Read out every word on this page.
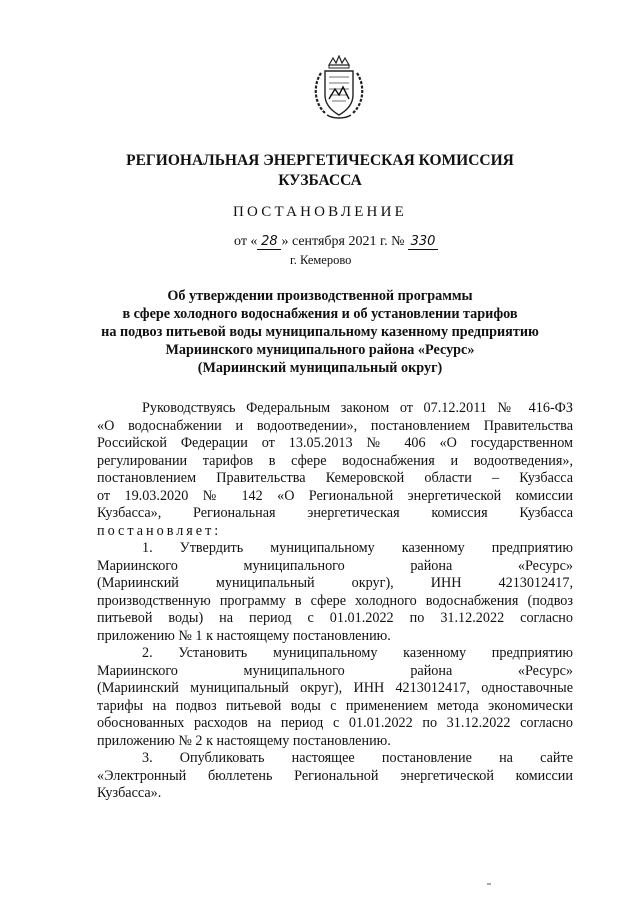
РЕГИОНАЛЬНАЯ ЭНЕРГЕТИЧЕСКАЯ КОМИССИЯ
КУЗБАССА
ПОСТАНОВЛЕНИЕ
от « 28 » сентября 2021 г. № 330
г. Кемерово
Об утверждении производственной программы
в сфере холодного водоснабжения и об установлении тарифов
на подвоз питьевой воды муниципальному казенному предприятию
Мариинского муниципального района «Ресурс»
(Мариинский муниципальный округ)
Руководствуясь Федеральным законом от 07.12.2011 № 416-ФЗ
«О водоснабжении и водоотведении», постановлением Правительства
Российской Федерации от 13.05.2013 № 406 «О государственном
регулировании тарифов в сфере водоснабжения и водоотведения»,
постановлением Правительства Кемеровской области – Кузбасса
от 19.03.2020 № 142 «О Региональной энергетической комиссии
Кузбасса», Региональная энергетическая комиссия Кузбасса
постановляет:
1. Утвердить муниципальному казенному предприятию
Мариинского муниципального района «Ресурс»
(Мариинский муниципальный округ), ИНН 4213012417,
производственную программу в сфере холодного водоснабжения (подвоз
питьевой воды) на период с 01.01.2022 по 31.12.2022 согласно
приложению № 1 к настоящему постановлению.
2. Установить муниципальному казенному предприятию
Мариинского муниципального района «Ресурс»
(Мариинский муниципальный округ), ИНН 4213012417, одноставочные
тарифы на подвоз питьевой воды с применением метода экономически
обоснованных расходов на период с 01.01.2022 по 31.12.2022 согласно
приложению № 2 к настоящему постановлению.
3. Опубликовать настоящее постановление на сайте
«Электронный бюллетень Региональной энергетической комиссии
Кузбасса».
